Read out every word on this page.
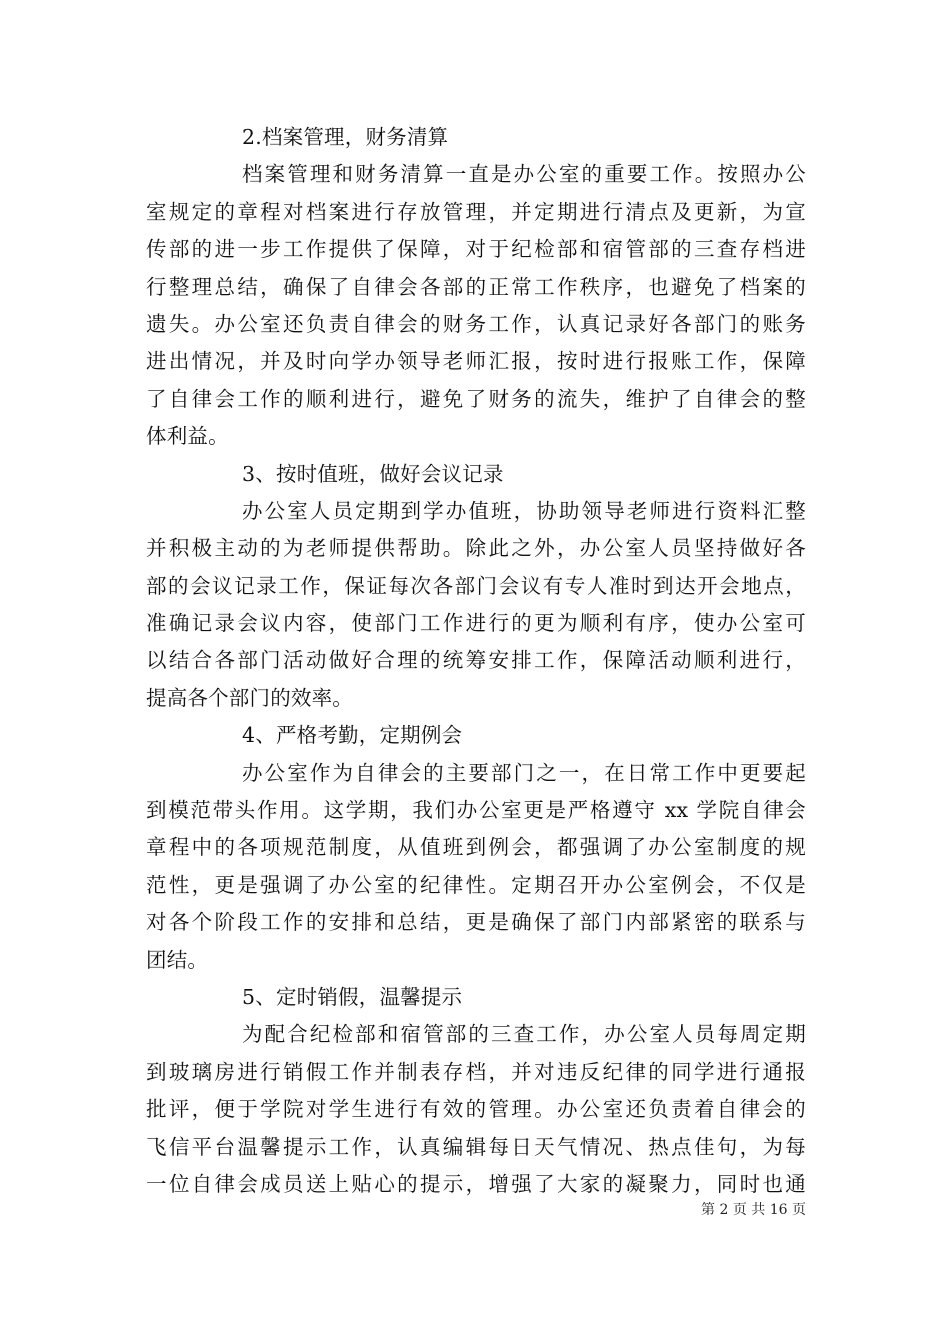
2.档案管理，财务清算
档案管理和财务清算一直是办公室的重要工作。按照办公
室规定的章程对档案进行存放管理，并定期进行清点及更新，为宣
传部的进一步工作提供了保障，对于纪检部和宿管部的三查存档进
行整理总结，确保了自律会各部的正常工作秩序，也避免了档案的
遗失。办公室还负责自律会的财务工作，认真记录好各部门的账务
进出情况，并及时向学办领导老师汇报，按时进行报账工作，保障
了自律会工作的顺利进行，避免了财务的流失，维护了自律会的整
体利益。
3、按时值班，做好会议记录
办公室人员定期到学办值班，协助领导老师进行资料汇整
并积极主动的为老师提供帮助。除此之外，办公室人员坚持做好各
部的会议记录工作，保证每次各部门会议有专人准时到达开会地点，
准确记录会议内容，使部门工作进行的更为顺利有序，使办公室可
以结合各部门活动做好合理的统筹安排工作，保障活动顺利进行，
提高各个部门的效率。
4、严格考勤，定期例会
办公室作为自律会的主要部门之一，在日常工作中更要起
到模范带头作用。这学期，我们办公室更是严格遵守 xx 学院自律会
章程中的各项规范制度，从值班到例会，都强调了办公室制度的规
范性，更是强调了办公室的纪律性。定期召开办公室例会，不仅是
对各个阶段工作的安排和总结，更是确保了部门内部紧密的联系与
团结。
5、定时销假，温馨提示
为配合纪检部和宿管部的三查工作，办公室人员每周定期
到玻璃房进行销假工作并制表存档，并对违反纪律的同学进行通报
批评，便于学院对学生进行有效的管理。办公室还负责着自律会的
飞信平台温馨提示工作，认真编辑每日天气情况、热点佳句，为每
一位自律会成员送上贴心的提示，增强了大家的凝聚力，同时也通
第 2 页 共 16 页
